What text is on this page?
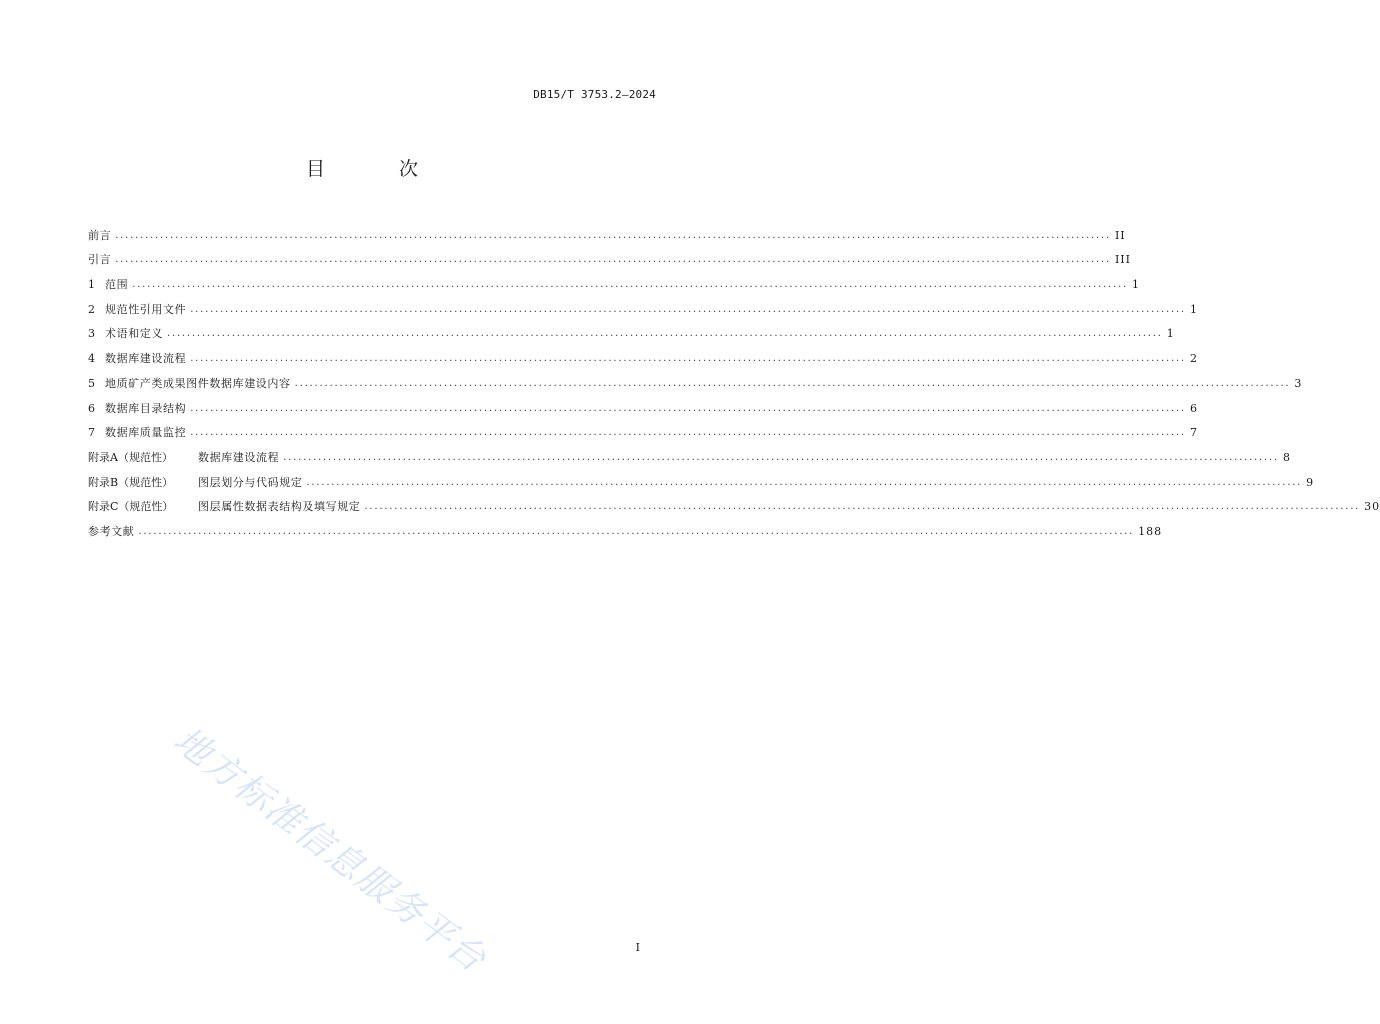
DB15/T 3753.2—2024
目 次
前言 ........................................................................................................................................................................................................ II
引言 ........................................................................................................................................................................................................ III
1 范围 ........................................................................................................................................................................................................ 1
2 规范性引用文件 ........................................................................................................................................................................................................ 1
3 术语和定义 ........................................................................................................................................................................................................ 1
4 数据库建设流程 ........................................................................................................................................................................................................ 2
5 地质矿产类成果图件数据库建设内容 ........................................................................................................................................................................................................ 3
6 数据库目录结构 ........................................................................................................................................................................................................ 6
7 数据库质量监控 ........................................................................................................................................................................................................ 7
附录A（规范性）	数据库建设流程 ........................................................................................................................................................................................................ 8
附录B（规范性）	图层划分与代码规定 ........................................................................................................................................................................................................ 9
附录C（规范性）	图层属性数据表结构及填写规定 ........................................................................................................................................................................................................ 30
参考文献 ........................................................................................................................................................................................................ 188
地方标准信息服务平台	I
